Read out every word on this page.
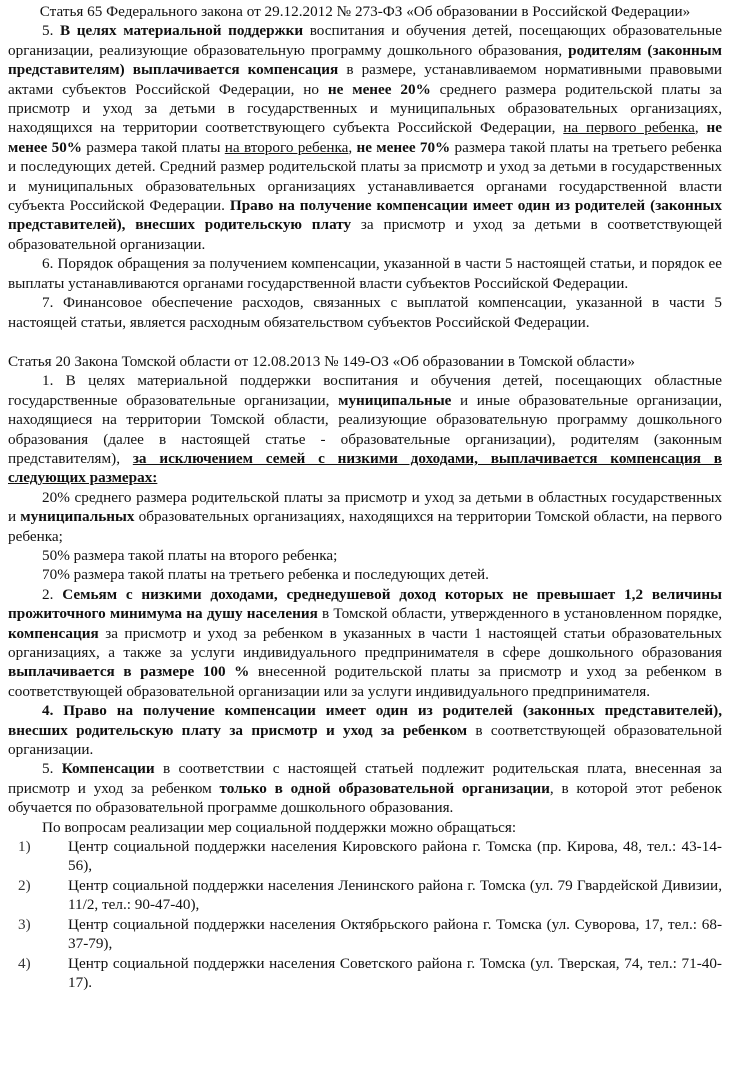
Статья 65 Федерального закона от 29.12.2012 № 273-ФЗ «Об образовании в Российской Федерации»

5. В целях материальной поддержки воспитания и обучения детей, посещающих образовательные организации, реализующие образовательную программу дошкольного образования, родителям (законным представителям) выплачивается компенсация в размере, устанавливаемом нормативными правовыми актами субъектов Российской Федерации, но не менее 20% среднего размера родительской платы за присмотр и уход за детьми в государственных и муниципальных образовательных организациях, находящихся на территории соответствующего субъекта Российской Федерации, на первого ребенка, не менее 50% размера такой платы на второго ребенка, не менее 70% размера такой платы на третьего ребенка и последующих детей. Средний размер родительской платы за присмотр и уход за детьми в государственных и муниципальных образовательных организациях устанавливается органами государственной власти субъекта Российской Федерации. Право на получение компенсации имеет один из родителей (законных представителей), внесших родительскую плату за присмотр и уход за детьми в соответствующей образовательной организации.

6. Порядок обращения за получением компенсации, указанной в части 5 настоящей статьи, и порядок ее выплаты устанавливаются органами государственной власти субъектов Российской Федерации.

7. Финансовое обеспечение расходов, связанных с выплатой компенсации, указанной в части 5 настоящей статьи, является расходным обязательством субъектов Российской Федерации.

Статья 20 Закона Томской области от 12.08.2013 № 149-ОЗ «Об образовании в Томской области»

1. В целях материальной поддержки воспитания и обучения детей, посещающих областные государственные образовательные организации, муниципальные и иные образовательные организации, находящиеся на территории Томской области, реализующие образовательную программу дошкольного образования (далее в настоящей статье - образовательные организации), родителям (законным представителям), за исключением семей с низкими доходами, выплачивается компенсация в следующих размерах:

20% среднего размера родительской платы за присмотр и уход за детьми в областных государственных и муниципальных образовательных организациях, находящихся на территории Томской области, на первого ребенка;

50% размера такой платы на второго ребенка;

70% размера такой платы на третьего ребенка и последующих детей.

2. Семьям с низкими доходами, среднедушевой доход которых не превышает 1,2 величины прожиточного минимума на душу населения в Томской области, утвержденного в установленном порядке, компенсация за присмотр и уход за ребенком в указанных в части 1 настоящей статьи образовательных организациях, а также за услуги индивидуального предпринимателя в сфере дошкольного образования выплачивается в размере 100 % внесенной родительской платы за присмотр и уход за ребенком в соответствующей образовательной организации или за услуги индивидуального предпринимателя.

4. Право на получение компенсации имеет один из родителей (законных представителей), внесших родительскую плату за присмотр и уход за ребенком в соответствующей образовательной организации.

5. Компенсации в соответствии с настоящей статьей подлежит родительская плата, внесенная за присмотр и уход за ребенком только в одной образовательной организации, в которой этот ребенок обучается по образовательной программе дошкольного образования.

По вопросам реализации мер социальной поддержки можно обращаться:

1)	Центр социальной поддержки населения Кировского района г. Томска (пр. Кирова, 48, тел.: 43-14-56),
2)	Центр социальной поддержки населения Ленинского района г. Томска (ул. 79 Гвардейской Дивизии, 11/2, тел.: 90-47-40),
3)	Центр социальной поддержки населения Октябрьского района г. Томска (ул. Суворова, 17, тел.: 68-37-79),
4)	Центр социальной поддержки населения Советского района г. Томска (ул. Тверская, 74, тел.: 71-40-17).
